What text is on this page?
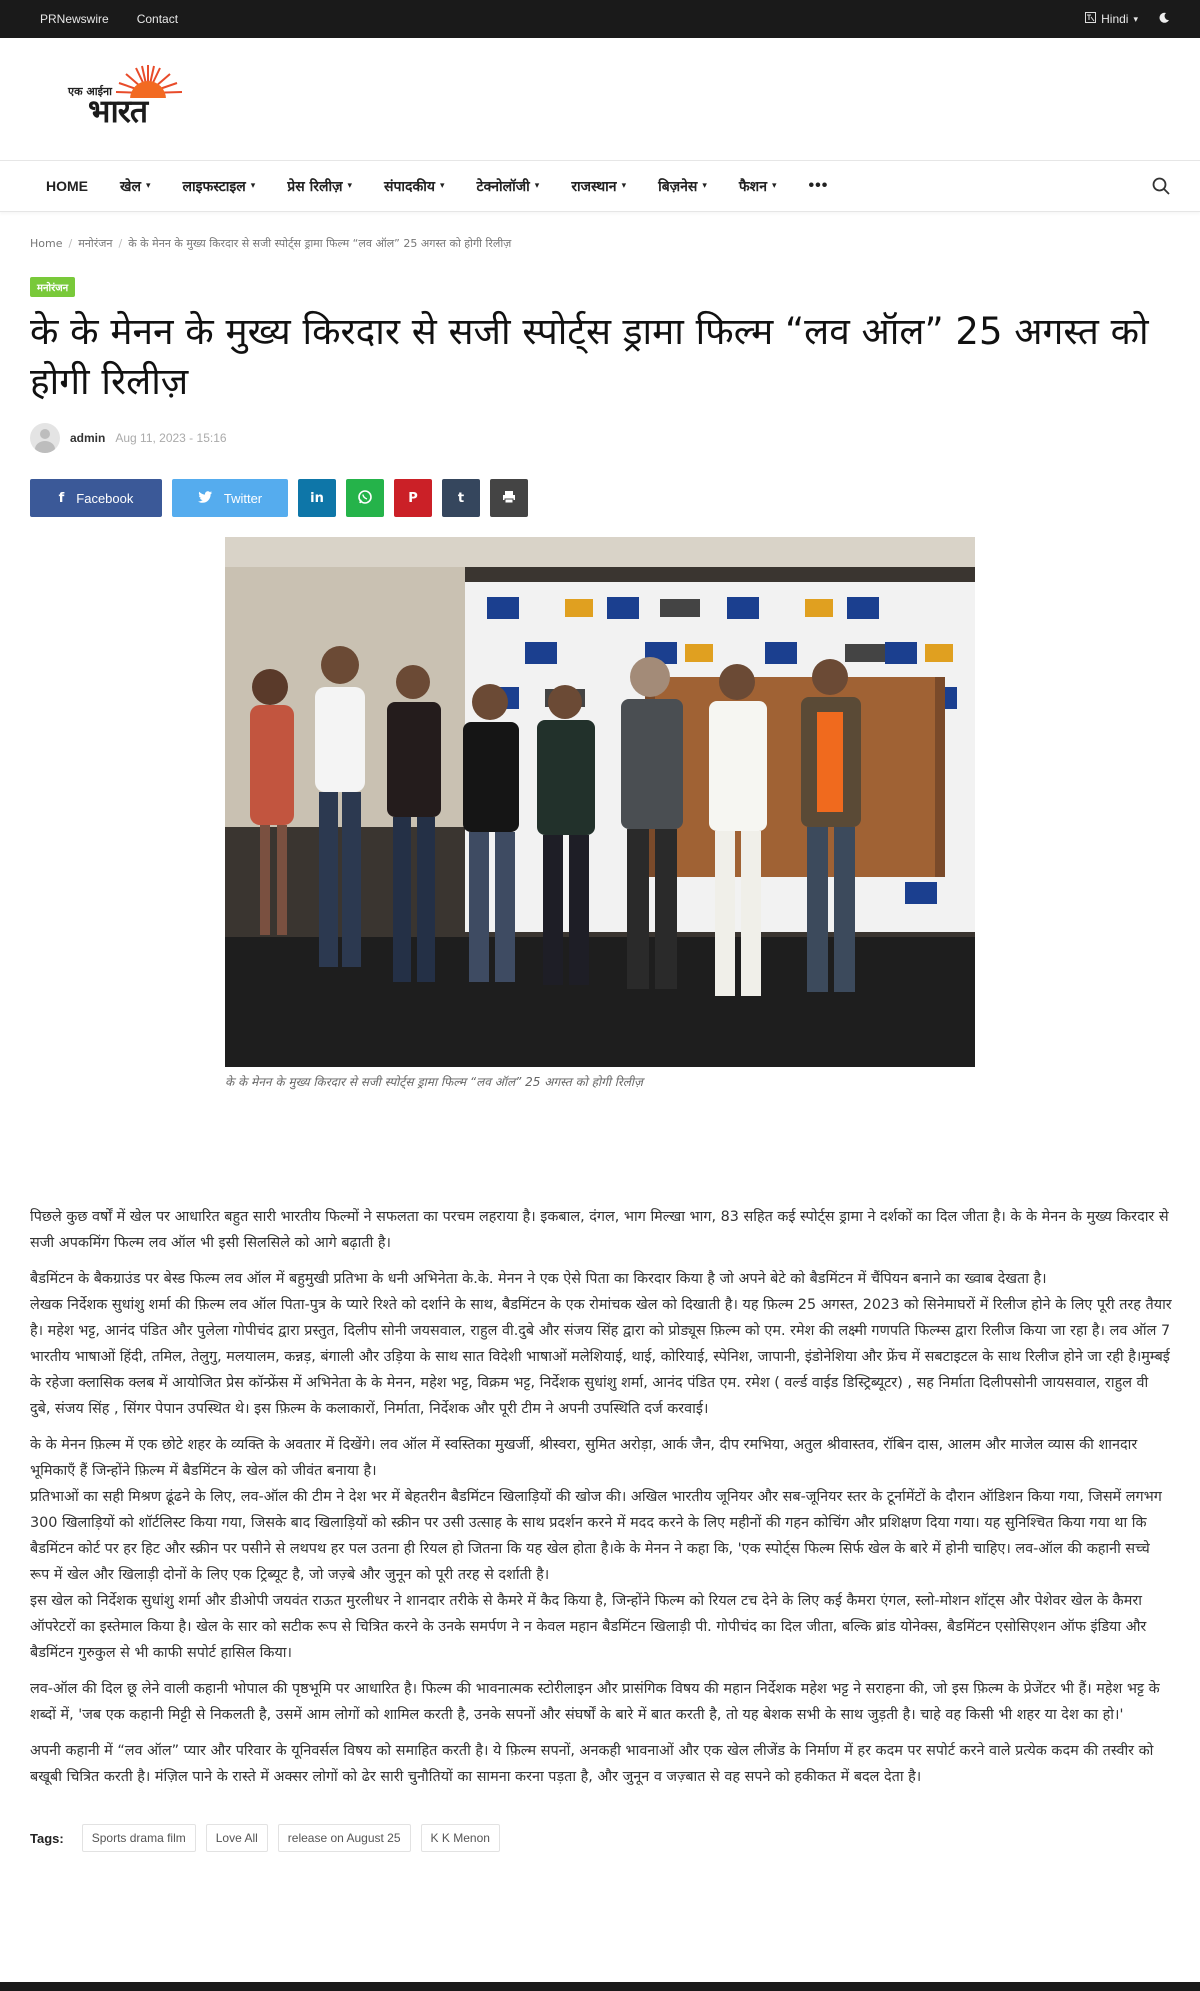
PRNewswire Contact	Hindi ▾
एक आईना
भारत
HOME खेल ▾ लाइफस्टाइल ▾ प्रेस रिलीज़ ▾ संपादकीय ▾ टेक्नोलॉजी ▾ राजस्थान ▾ बिज़नेस ▾ फैशन ▾ •••
Home / मनोरंजन / के के मेनन के मुख्य किरदार से सजी स्पोर्ट्स ड्रामा फिल्म “लव ऑल” 25 अगस्त को होगी रिलीज़
मनोरंजन
के के मेनन के मुख्य किरदार से सजी स्पोर्ट्स ड्रामा फिल्म “लव ऑल” 25 अगस्त को होगी रिलीज़
admin Aug 11, 2023 - 15:16
f Facebook	Twitter	in	P	t
के के मेनन के मुख्य किरदार से सजी स्पोर्ट्स ड्रामा फिल्म “लव ऑल” 25 अगस्त को होगी रिलीज़

पिछले कुछ वर्षों में खेल पर आधारित बहुत सारी भारतीय फिल्मों ने सफलता का परचम लहराया है। इकबाल, दंगल, भाग मिल्खा भाग, 83 सहित कई स्पोर्ट्स ड्रामा ने दर्शकों का दिल जीता है। के के मेनन के मुख्य किरदार से सजी अपकमिंग फिल्म लव ऑल भी इसी सिलसिले को आगे बढ़ाती है।

बैडमिंटन के बैकग्राउंड पर बेस्ड फिल्म लव ऑल में बहुमुखी प्रतिभा के धनी अभिनेता के.के. मेनन ने एक ऐसे पिता का किरदार किया है जो अपने बेटे को बैडमिंटन में चैंपियन बनाने का ख्वाब देखता है।

लेखक निर्देशक सुधांशु शर्मा की फ़िल्म लव ऑल पिता-पुत्र के प्यारे रिश्ते को दर्शाने के साथ, बैडमिंटन के एक रोमांचक खेल को दिखाती है। यह फ़िल्म 25 अगस्त, 2023 को सिनेमाघरों में रिलीज होने के लिए पूरी तरह तैयार है। महेश भट्ट, आनंद पंडित और पुलेला गोपीचंद द्वारा प्रस्तुत, दिलीप सोनी जयसवाल, राहुल वी.दुबे और संजय सिंह द्वारा को प्रोड्यूस फ़िल्म को एम. रमेश की लक्ष्मी गणपति फिल्म्स द्वारा रिलीज किया जा रहा है। लव ऑल 7 भारतीय भाषाओं हिंदी, तमिल, तेलुगु, मलयालम, कन्नड़, बंगाली और उड़िया के साथ सात विदेशी भाषाओं मलेशियाई, थाई, कोरियाई, स्पेनिश, जापानी, इंडोनेशिया और फ्रेंच में सबटाइटल के साथ रिलीज होने जा रही है।मुम्बई के रहेजा क्लासिक क्लब में आयोजित प्रेस कॉन्फ्रेंस में अभिनेता के के मेनन, महेश भट्ट, विक्रम भट्ट, निर्देशक सुधांशु शर्मा, आनंद पंडित एम. रमेश ( वर्ल्ड वाईड डिस्ट्रिब्यूटर) , सह निर्माता दिलीपसोनी जायसवाल, राहुल वी दुबे, संजय सिंह , सिंगर पेपान उपस्थित थे। इस फ़िल्म के कलाकारों, निर्माता, निर्देशक और पूरी टीम ने अपनी उपस्थिति दर्ज करवाई।

के के मेनन फ़िल्म में एक छोटे शहर के व्यक्ति के अवतार में दिखेंगे। लव ऑल में स्वस्तिका मुखर्जी, श्रीस्वरा, सुमित अरोड़ा, आर्क जैन, दीप रमभिया, अतुल श्रीवास्तव, रॉबिन दास, आलम और माजेल व्यास की शानदार भूमिकाएँ हैं जिन्होंने फ़िल्म में बैडमिंटन के खेल को जीवंत बनाया है।

प्रतिभाओं का सही मिश्रण ढूंढने के लिए, लव-ऑल की टीम ने देश भर में बेहतरीन बैडमिंटन खिलाड़ियों की खोज की। अखिल भारतीय जूनियर और सब-जूनियर स्तर के टूर्नामेंटों के दौरान ऑडिशन किया गया, जिसमें लगभग 300 खिलाड़ियों को शॉर्टलिस्ट किया गया, जिसके बाद खिलाड़ियों को स्क्रीन पर उसी उत्साह के साथ प्रदर्शन करने में मदद करने के लिए महीनों की गहन कोचिंग और प्रशिक्षण दिया गया। यह सुनिश्चित किया गया था कि बैडमिंटन कोर्ट पर हर हिट और स्क्रीन पर पसीने से लथपथ हर पल उतना ही रियल हो जितना कि यह खेल होता है।के के मेनन ने कहा कि, 'एक स्पोर्ट्स फिल्म सिर्फ खेल के बारे में होनी चाहिए। लव-ऑल की कहानी सच्चे रूप में खेल और खिलाड़ी दोनों के लिए एक ट्रिब्यूट है, जो जज़्बे और जुनून को पूरी तरह से दर्शाती है।

इस खेल को निर्देशक सुधांशु शर्मा और डीओपी जयवंत राऊत मुरलीधर ने शानदार तरीके से कैमरे में कैद किया है, जिन्होंने फिल्म को रियल टच देने के लिए कई कैमरा एंगल, स्लो-मोशन शॉट्स और पेशेवर खेल के कैमरा ऑपरेटरों का इस्तेमाल किया है। खेल के सार को सटीक रूप से चित्रित करने के उनके समर्पण ने न केवल महान बैडमिंटन खिलाड़ी पी. गोपीचंद का दिल जीता, बल्कि ब्रांड योनेक्स, बैडमिंटन एसोसिएशन ऑफ इंडिया और बैडमिंटन गुरुकुल से भी काफी सपोर्ट हासिल किया।

लव-ऑल की दिल छू लेने वाली कहानी भोपाल की पृष्ठभूमि पर आधारित है। फिल्म की भावनात्मक स्टोरीलाइन और प्रासंगिक विषय की महान निर्देशक महेश भट्ट ने सराहना की, जो इस फ़िल्म के प्रेजेंटर भी हैं। महेश भट्ट के शब्दों में, 'जब एक कहानी मिट्टी से निकलती है, उसमें आम लोगों को शामिल करती है, उनके सपनों और संघर्षों के बारे में बात करती है, तो यह बेशक सभी के साथ जुड़ती है। चाहे वह किसी भी शहर या देश का हो।'

अपनी कहानी में “लव ऑल” प्यार और परिवार के यूनिवर्सल विषय को समाहित करती है। ये फ़िल्म सपनों, अनकही भावनाओं और एक खेल लीजेंड के निर्माण में हर कदम पर सपोर्ट करने वाले प्रत्येक कदम की तस्वीर को बखूबी चित्रित करती है। मंज़िल पाने के रास्ते में अक्सर लोगों को ढेर सारी चुनौतियों का सामना करना पड़ता है, और जुनून व जज़्बात से वह सपने को हकीकत में बदल देता है।

Tags:	Sports drama film	Love All	release on August 25	K K Menon
